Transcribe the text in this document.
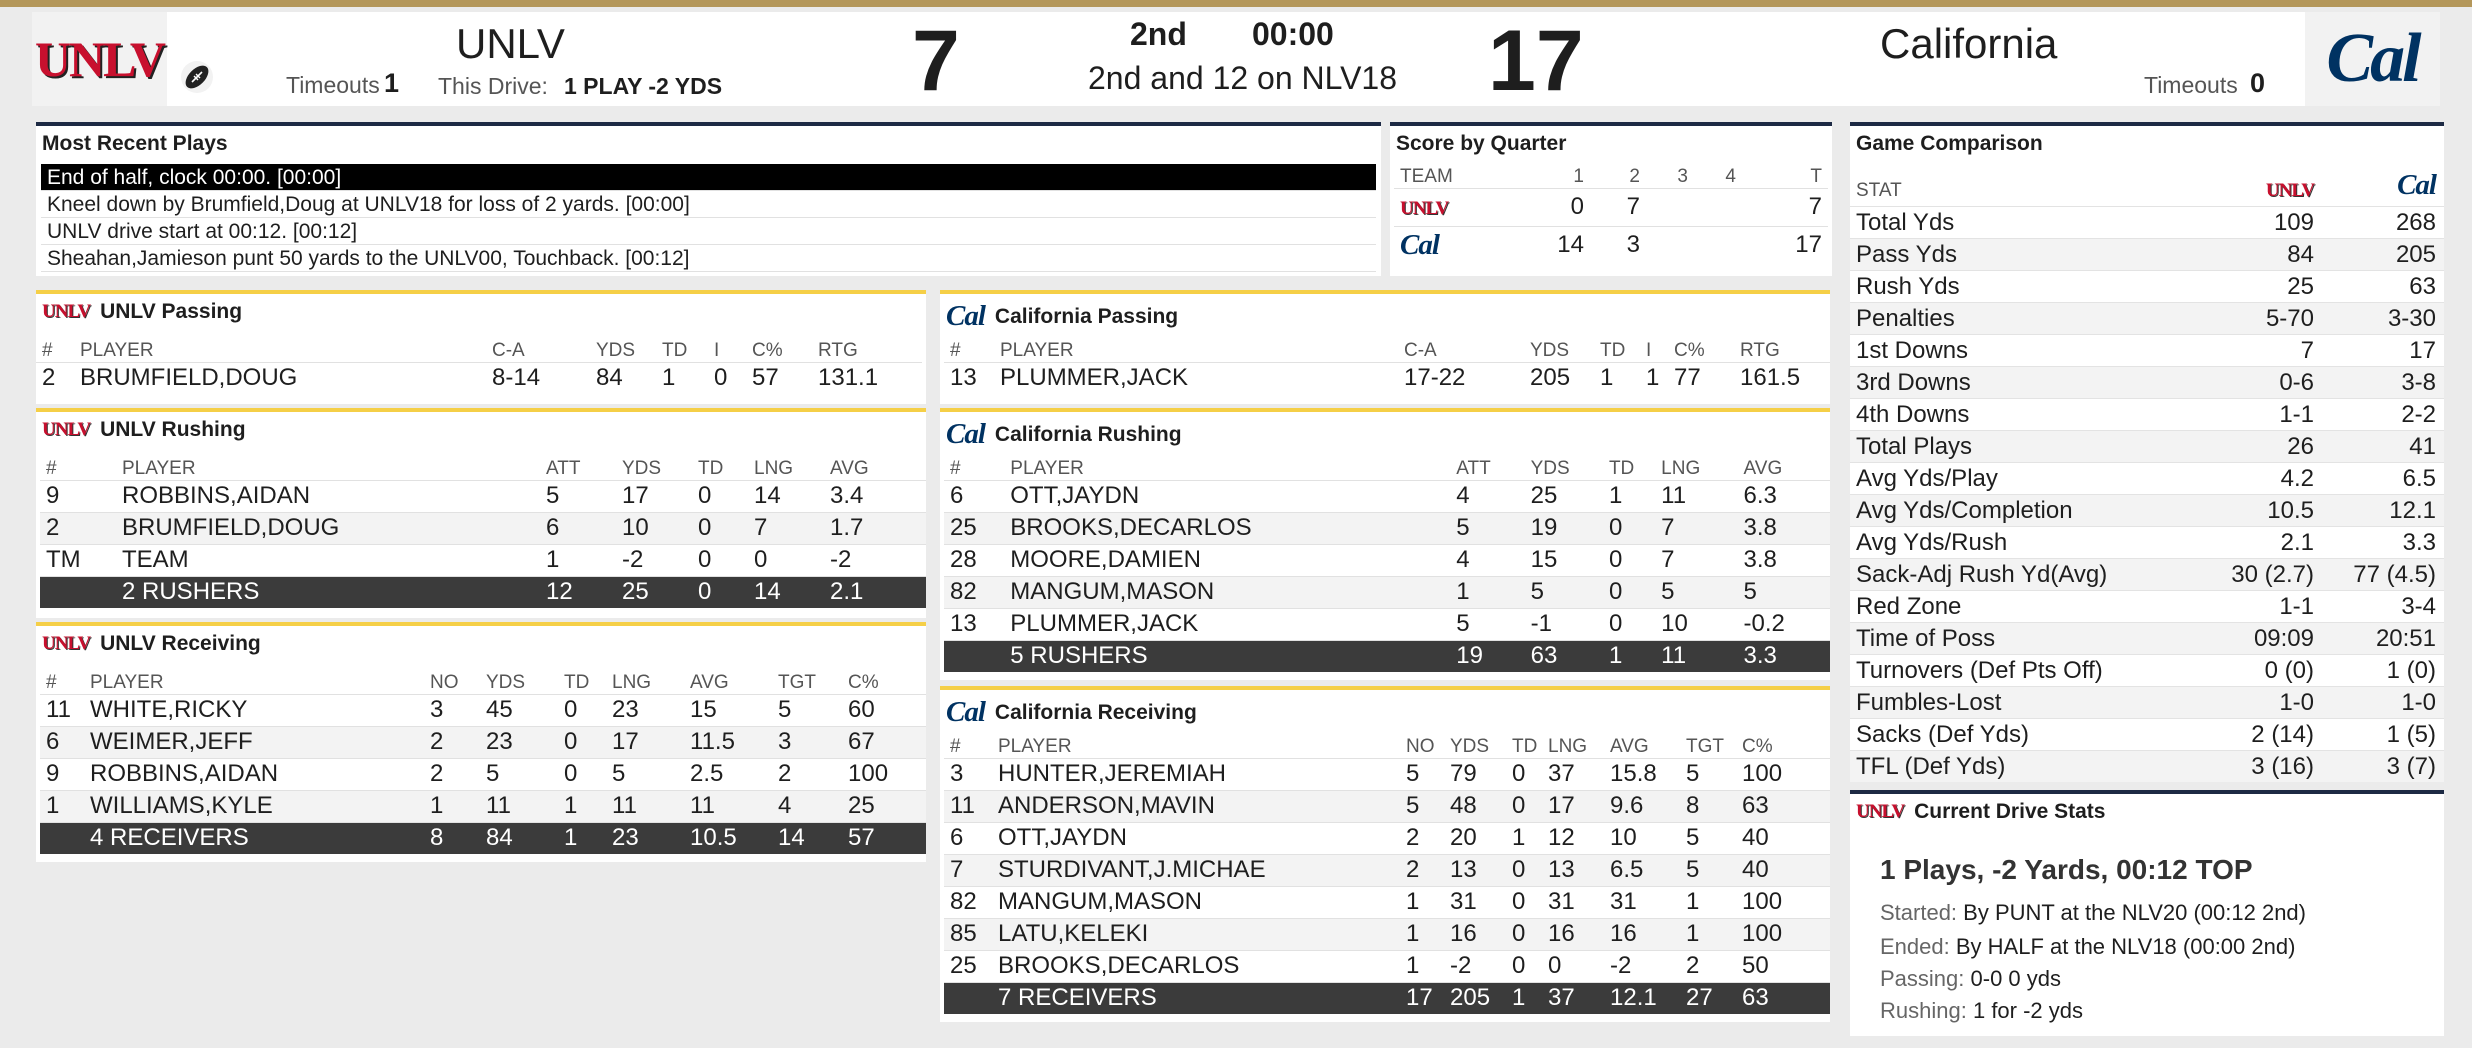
UNLV	Timeouts 1
UNLV
This Drive: 1 PLAY -2 YDS 7	2nd 00:00
2nd and 12 on NLV18 17	California
Timeouts 0 Cal
Most Recent Plays
End of half, clock 00:00. [00:00]
Kneel down by Brumfield,Doug at UNLV18 for loss of 2 yards. [00:00]
UNLV drive start at 00:12. [00:12]
Sheahan,Jamieson punt 50 yards to the UNLV00, Touchback. [00:12]
Score by Quarter
TEAM	1	2	3	4	T
UNLV	0	7			7
Cal	14	3			17
Game Comparison
STAT	UNLV	Cal
Total Yds	109	268
Pass Yds	84	205
Rush Yds	25	63
Penalties	5-70	3-30
1st Downs	7	17
3rd Downs	0-6	3-8
4th Downs	1-1	2-2
Total Plays	26	41
Avg Yds/Play	4.2	6.5
Avg Yds/Completion	10.5	12.1
Avg Yds/Rush	2.1	3.3
Sack-Adj Rush Yd(Avg)	30 (2.7)	77 (4.5)
Red Zone	1-1	3-4
Time of Poss	09:09	20:51
Turnovers (Def Pts Off)	0 (0)	1 (0)
Fumbles-Lost	1-0	1-0
Sacks (Def Yds)	2 (14)	1 (5)
TFL (Def Yds)	3 (16)	3 (7)
UNLV Current Drive Stats
1 Plays, -2 Yards, 00:12 TOP
Started: By PUNT at the NLV20 (00:12 2nd)
Ended: By HALF at the NLV18 (00:00 2nd)
Passing: 0-0 0 yds
Rushing: 1 for -2 yds
UNLV UNLV Passing
#	PLAYER	C-A	YDS	TD	I	C%	RTG
2	BRUMFIELD,DOUG	8-14	84	1	0	57	131.1
UNLV UNLV Rushing
#	PLAYER	ATT	YDS	TD	LNG	AVG
9	ROBBINS,AIDAN	5	17	0	14	3.4
2	BRUMFIELD,DOUG	6	10	0	7	1.7
TM	TEAM	1	-2	0	0	-2
	2 RUSHERS	12	25	0	14	2.1
UNLV UNLV Receiving
#	PLAYER	NO	YDS	TD	LNG	AVG	TGT	C%
11	WHITE,RICKY	3	45	0	23	15	5	60
6	WEIMER,JEFF	2	23	0	17	11.5	3	67
9	ROBBINS,AIDAN	2	5	0	5	2.5	2	100
1	WILLIAMS,KYLE	1	11	1	11	11	4	25
	4 RECEIVERS	8	84	1	23	10.5	14	57
Cal California Passing
#	PLAYER	C-A	YDS	TD	I	C%	RTG
13	PLUMMER,JACK	17-22	205	1	1	77	161.5
Cal California Rushing
#	PLAYER	ATT	YDS	TD	LNG	AVG
6	OTT,JAYDN	4	25	1	11	6.3
25	BROOKS,DECARLOS	5	19	0	7	3.8
28	MOORE,DAMIEN	4	15	0	7	3.8
82	MANGUM,MASON	1	5	0	5	5
13	PLUMMER,JACK	5	-1	0	10	-0.2
	5 RUSHERS	19	63	1	11	3.3
Cal California Receiving
#	PLAYER	NO	YDS	TD	LNG	AVG	TGT	C%
3	HUNTER,JEREMIAH	5	79	0	37	15.8	5	100
11	ANDERSON,MAVIN	5	48	0	17	9.6	8	63
6	OTT,JAYDN	2	20	1	12	10	5	40
7	STURDIVANT,J.MICHAE	2	13	0	13	6.5	5	40
82	MANGUM,MASON	1	31	0	31	31	1	100
85	LATU,KELEKI	1	16	0	16	16	1	100
25	BROOKS,DECARLOS	1	-2	0	0	-2	2	50
	7 RECEIVERS	17	205	1	37	12.1	27	63
